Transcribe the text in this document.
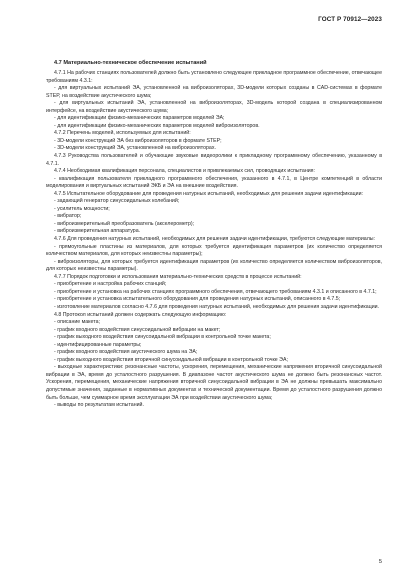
ГОСТ Р 70912—2023
4.7 Материально-техническое обеспечение испытаний

4.7.1 На рабочих станциях пользователей должно быть установлено следующее прикладное программное обеспечение, отвечающее требованиям 4.3.1:

- для виртуальных испытаний ЭА, установленной на виброизоляторах, 3D-модели которых созданы в CAD-системах в формате STEP, на воздействие акустического шума;

- для виртуальных испытаний ЭА, установленной на виброизоляторах, 3D-модель которой создана в специализированном интерфейсе, на воздействие акустического шума;

- для идентификации физико-механических параметров моделей ЭА;

- для идентификации физико-механических параметров моделей виброизоляторов.

4.7.2 Перечень моделей, используемых для испытаний:

- 3D-модели конструкций ЭА без виброизоляторов в формате STEP;

- 3D-модели конструкций ЭА, установленной на виброизоляторах.

4.7.3 Руководства пользователей и обучающие звуковые видеоролики к прикладному программному обеспечению, указанному в 4.7.1.

4.7.4 Необходимая квалификация персонала, специалистов и привлекаемых сил, проводящих испытания:

- квалификация пользователя прикладного программного обеспечения, указанного в 4.7.1, в Центре компетенций в области моделирования и виртуальных испытаний ЭКБ и ЭА на внешние воздействия.

4.7.5 Испытательное оборудование для проведения натурных испытаний, необходимых для решения задачи идентификации:

- задающий генератор синусоидальных колебаний;

- усилитель мощности;

- вибратор;

- виброизмерительный преобразователь (акселерометр);

- виброизмерительная аппаратура.

4.7.6 Для проведения натурных испытаний, необходимых для решения задачи идентификации, требуются следующие материалы:

- прямоугольные пластины из материалов, для которых требуется идентификация параметров (их количество определяется количеством материалов, для которых неизвестны параметры);

- виброизоляторы, для которых требуется идентификация параметров (их количество определяется количеством виброизоляторов, для которых неизвестны параметры).

4.7.7 Порядок подготовки и использования материально-технических средств в процессе испытаний:

- приобретение и настройка рабочих станций;

- приобретение и установка на рабочих станциях программного обеспечения, отвечающего требованиям 4.3.1 и описанного в 4.7.1;

- приобретение и установка испытательного оборудования для проведения натурных испытаний, описанного в 4.7.5;

- изготовление материалов согласно 4.7.6 для проведения натурных испытаний, необходимых для решения задачи идентификации.

4.8 Протокол испытаний должен содержать следующую информацию:

- описание макета;

- график входного воздействия синусоидальной вибрации на макет;

- график выходного воздействия синусоидальной вибрации в контрольной точке макета;

- идентифицированные параметры;

- график входного воздействия акустического шума на ЭА;

- график выходного воздействия вторичной синусоидальной вибрации в контрольной точке ЭА;

- выходные характеристики: резонансные частоты, ускорения, перемещения, механические напряжения вторичной синусоидальной вибрации в ЭА, время до усталостного разрушения. В диапазоне частот акустического шума не должно быть резонансных частот. Ускорения, перемещения, механические напряжения вторичной синусоидальной вибрации в ЭА не должны превышать максимально допустимые значения, заданные в нормативных документах и технической документации. Время до усталостного разрушения должно быть больше, чем суммарное время эксплуатации ЭА при воздействии акустического шума;

- выводы по результатам испытаний.

5
